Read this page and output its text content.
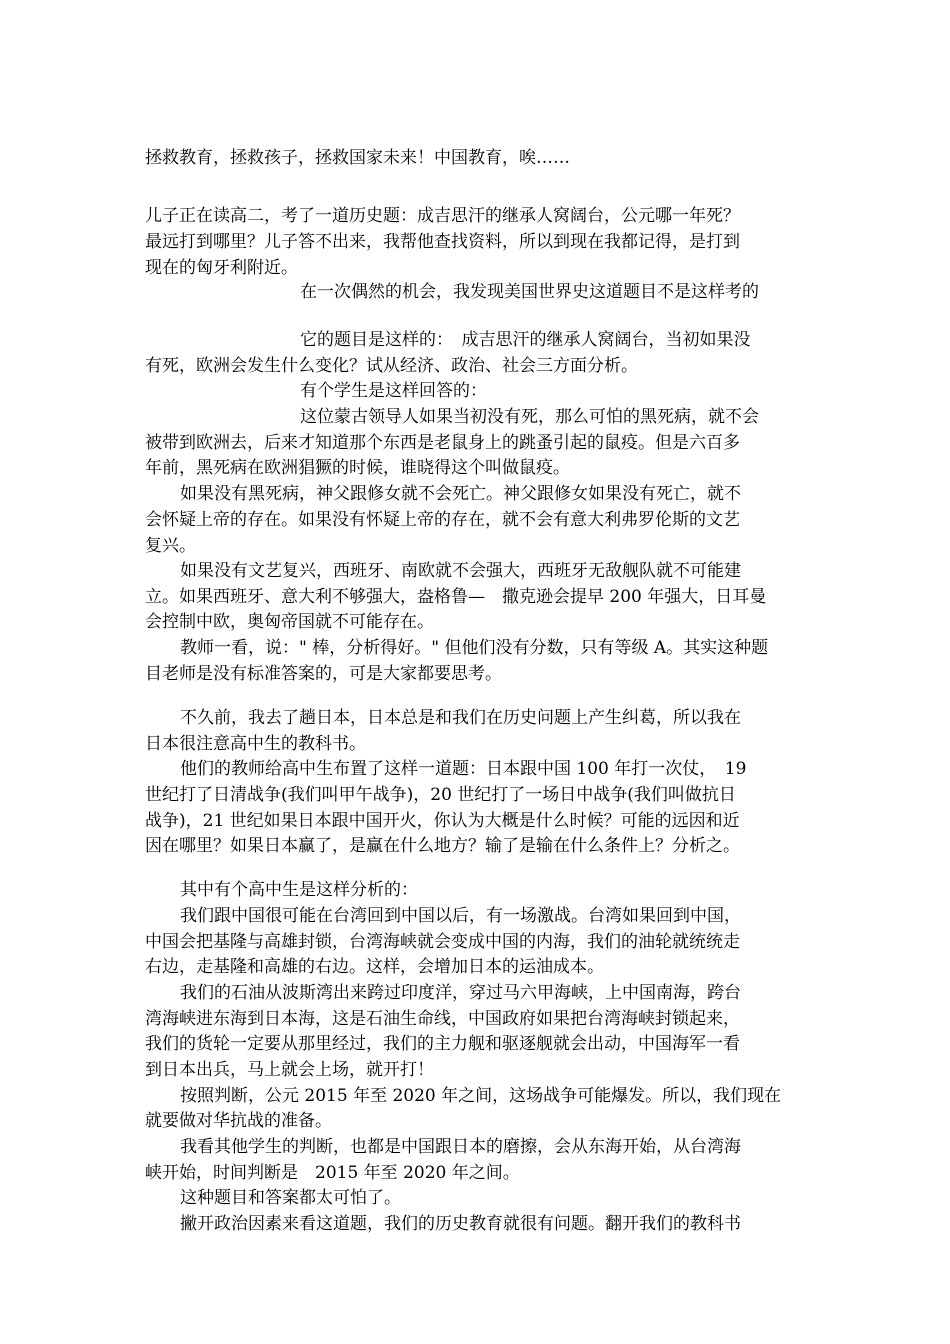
拯救教育，拯救孩子，拯救国家未来！中国教育，唉……
儿子正在读高二，考了一道历史题：成吉思汗的继承人窝阔台，公元哪一年死？
最远打到哪里？儿子答不出来，我帮他查找资料，所以到现在我都记得，是打到
现在的匈牙利附近。
在一次偶然的机会，我发现美国世界史这道题目不是这样考的
它的题目是这样的：　成吉思汗的继承人窝阔台，当初如果没
有死，欧洲会发生什么变化？试从经济、政治、社会三方面分析。
有个学生是这样回答的：
这位蒙古领导人如果当初没有死，那么可怕的黑死病，就不会
被带到欧洲去，后来才知道那个东西是老鼠身上的跳蚤引起的鼠疫。但是六百多
年前，黑死病在欧洲猖獗的时候，谁晓得这个叫做鼠疫。
如果没有黑死病，神父跟修女就不会死亡。神父跟修女如果没有死亡，就不
会怀疑上帝的存在。如果没有怀疑上帝的存在，就不会有意大利弗罗伦斯的文艺
复兴。
如果没有文艺复兴，西班牙、南欧就不会强大，西班牙无敌舰队就不可能建
立。如果西班牙、意大利不够强大，盎格鲁—　撒克逊会提早 200 年强大，日耳曼
会控制中欧，奥匈帝国就不可能存在。
教师一看，说：" 棒，分析得好。" 但他们没有分数，只有等级 A。其实这种题
目老师是没有标准答案的，可是大家都要思考。
不久前，我去了趟日本，日本总是和我们在历史问题上产生纠葛，所以我在
日本很注意高中生的教科书。
他们的教师给高中生布置了这样一道题：日本跟中国 100 年打一次仗，　19
世纪打了日清战争(我们叫甲午战争)，20 世纪打了一场日中战争(我们叫做抗日
战争)，21 世纪如果日本跟中国开火，你认为大概是什么时候？可能的远因和近
因在哪里？如果日本赢了，是赢在什么地方？输了是输在什么条件上？分析之。
其中有个高中生是这样分析的：
我们跟中国很可能在台湾回到中国以后，有一场激战。台湾如果回到中国，
中国会把基隆与高雄封锁，台湾海峡就会变成中国的内海，我们的油轮就统统走
右边，走基隆和高雄的右边。这样，会增加日本的运油成本。
我们的石油从波斯湾出来跨过印度洋，穿过马六甲海峡，上中国南海，跨台
湾海峡进东海到日本海，这是石油生命线，中国政府如果把台湾海峡封锁起来，
我们的货轮一定要从那里经过，我们的主力舰和驱逐舰就会出动，中国海军一看
到日本出兵，马上就会上场，就开打！
按照判断，公元 2015 年至 2020 年之间，这场战争可能爆发。所以，我们现在
就要做对华抗战的准备。
我看其他学生的判断，也都是中国跟日本的磨擦，会从东海开始，从台湾海
峡开始，时间判断是　2015 年至 2020 年之间。
这种题目和答案都太可怕了。
撇开政治因素来看这道题，我们的历史教育就很有问题。翻开我们的教科书
